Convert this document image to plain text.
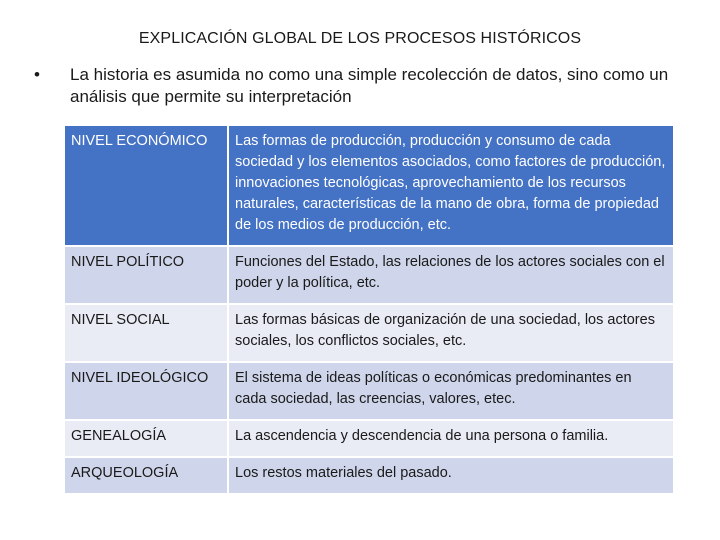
EXPLICACIÓN GLOBAL DE LOS PROCESOS HISTÓRICOS
•	La historia es asumida no como una simple recolección de datos, sino como un análisis que permite su interpretación
NIVEL ECONÓMICO	Las formas de producción, producción y consumo de cada sociedad y los elementos asociados, como factores de producción, innovaciones tecnológicas, aprovechamiento de los recursos naturales, características de la mano de obra, forma de propiedad de los medios de producción, etc.
NIVEL POLÍTICO	Funciones del Estado, las relaciones de los actores sociales con el poder y la política, etc.
NIVEL SOCIAL	Las formas básicas de organización de una sociedad, los actores sociales, los conflictos sociales, etc.
NIVEL IDEOLÓGICO	El sistema de ideas políticas o económicas predominantes en cada sociedad, las creencias, valores, etec.
GENEALOGÍA	La ascendencia y descendencia de una persona o familia.
ARQUEOLOGÍA	Los restos materiales del pasado.
